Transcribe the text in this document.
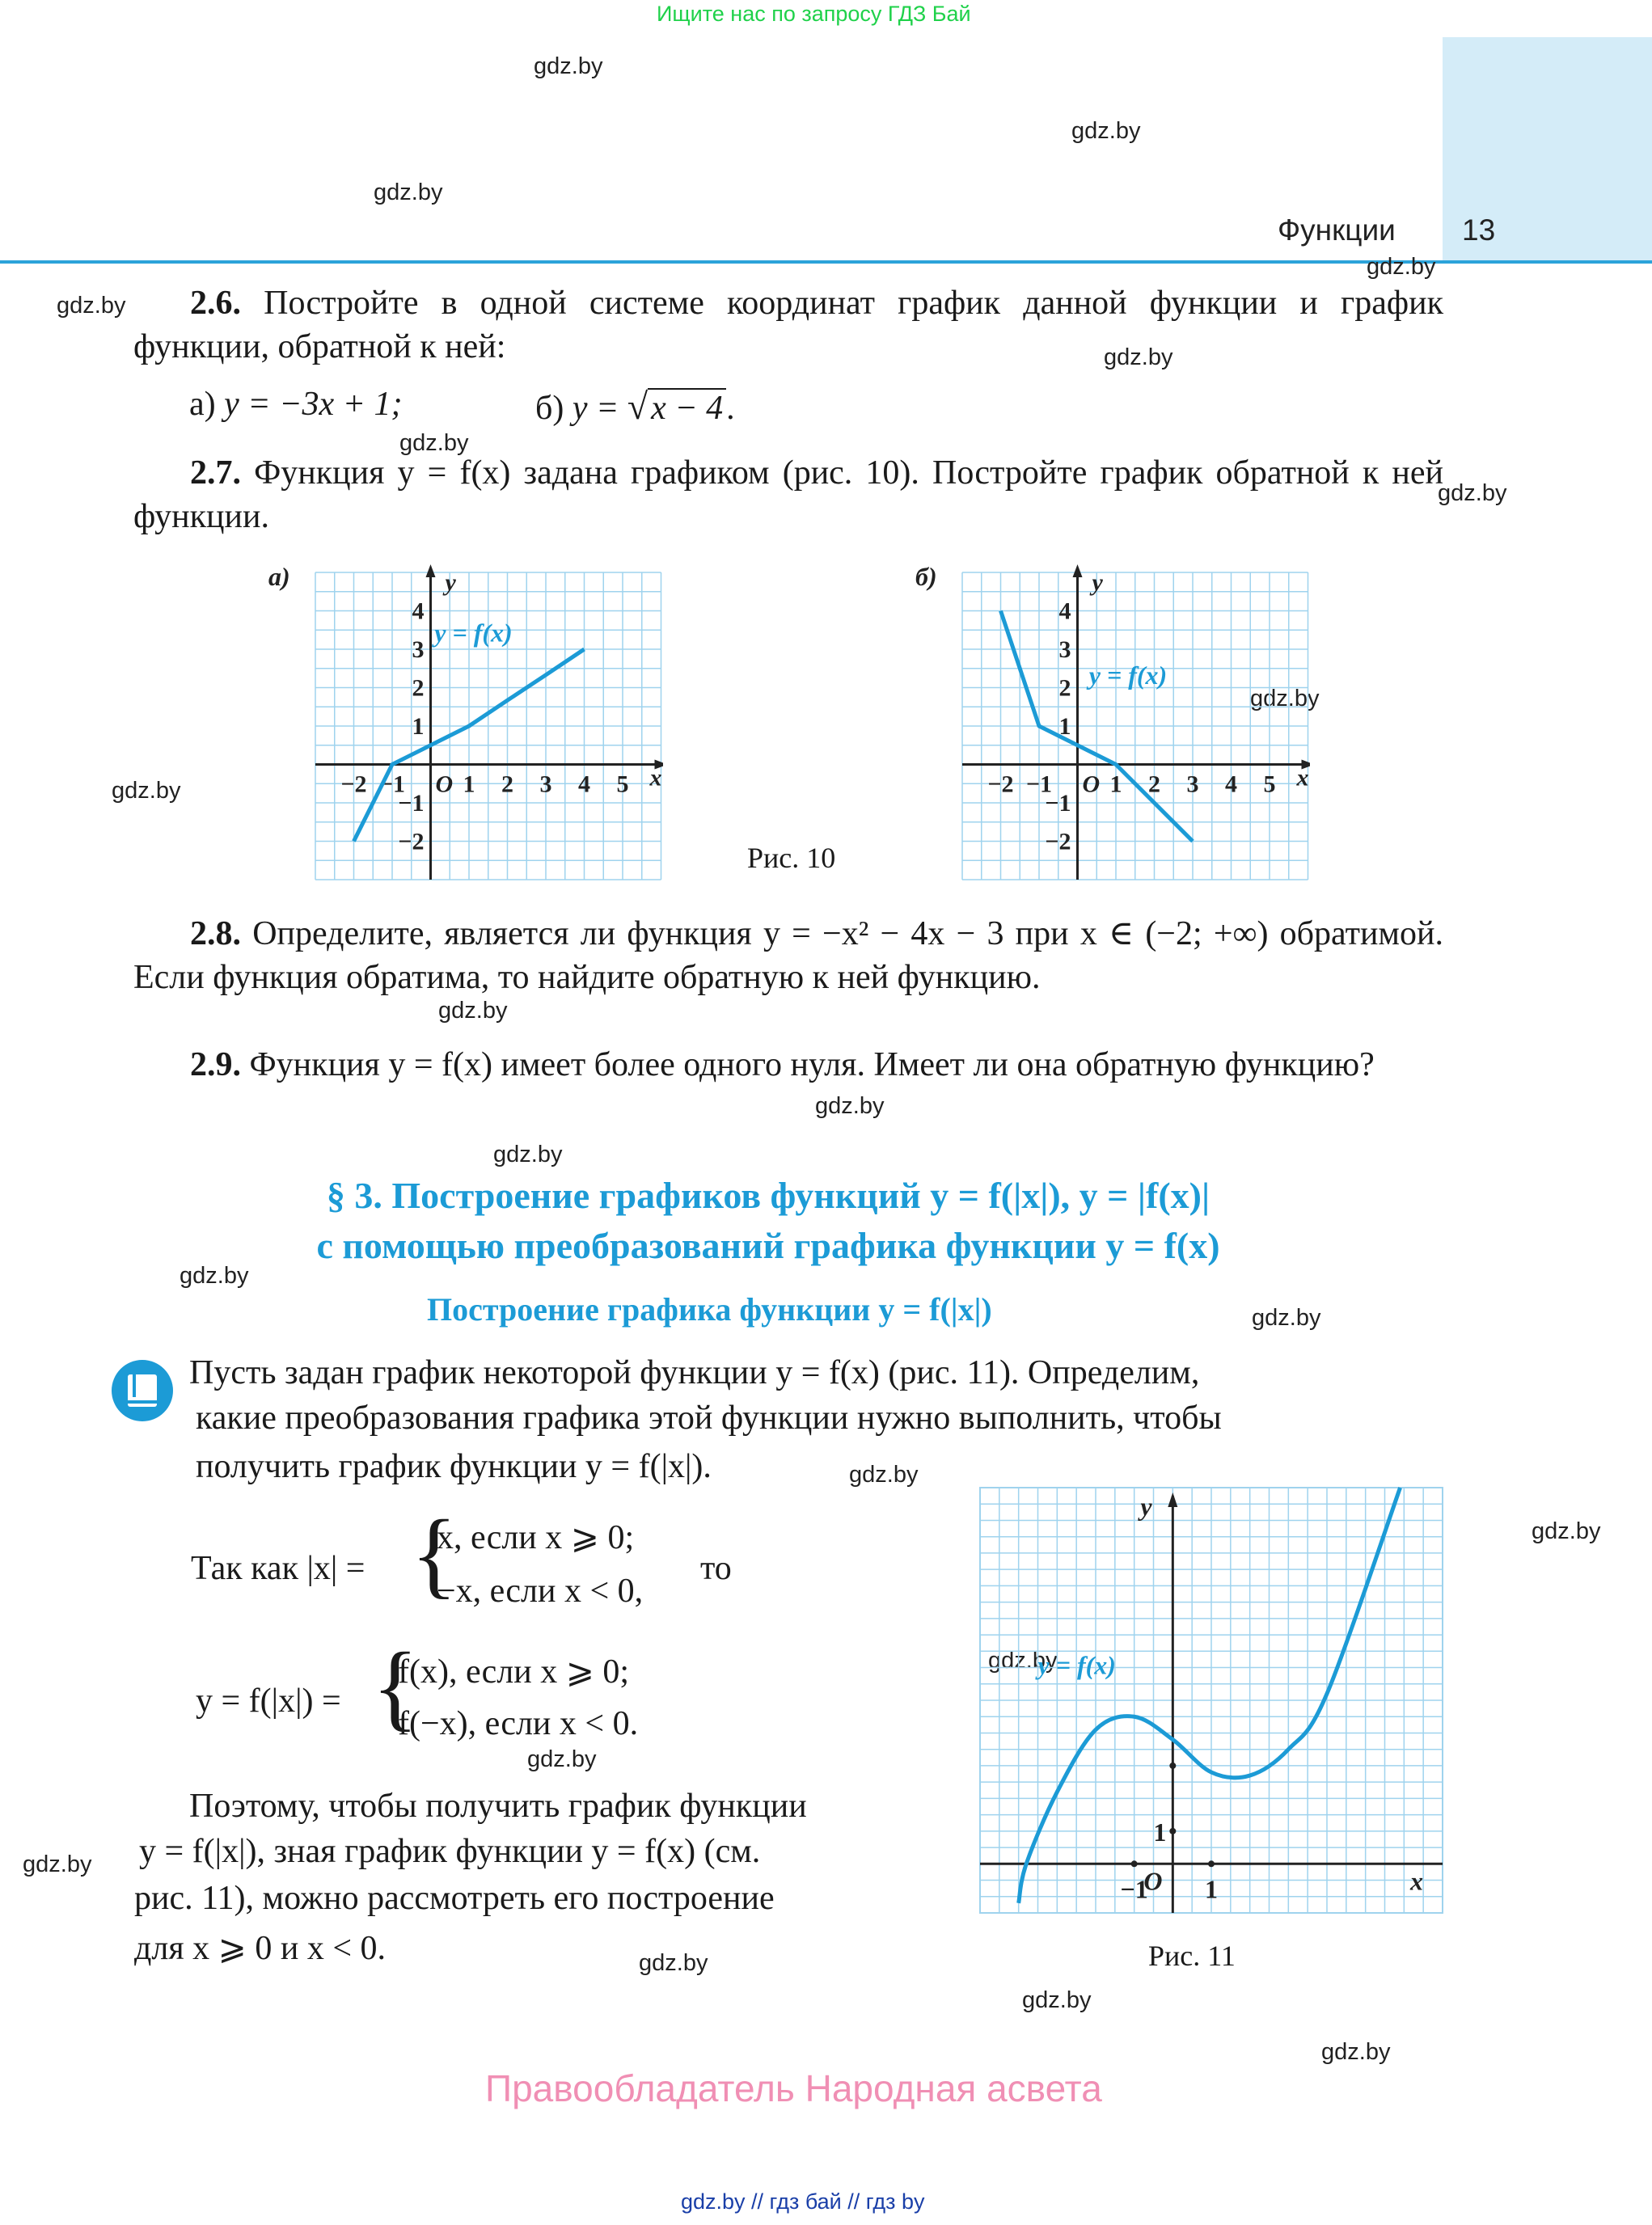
Ищите нас по запросу ГДЗ Бай
gdz.by
gdz.by
gdz.by
gdz.by
gdz.by
gdz.by
gdz.by
gdz.by
gdz.by
gdz.by
gdz.by
gdz.by
gdz.by
gdz.by
gdz.by
gdz.by
gdz.by
gdz.by
gdz.by
gdz.by
gdz.by
gdz.by
gdz.by
Функции 13
2.6. Постройте в одной системе координат график данной функции и график функции, обратной к ней:
а) y = −3x + 1;	б) y = √x − 4.
2.7. Функция y = f(x) задана графиком (рис. 10). Постройте график обратной к ней функции.
−2 −1 1 2 3 4 5
4
3
2
1
−1
−2
O	x
y
а)
y = f(x)
−2 −1 1 2 3 4 5
4
3
2
1
−1
−2
O	x
y
б)
y = f(x)
Рис. 10
2.8. Определите, является ли функция y = −x² − 4x − 3 при x ∈ (−2; +∞) обратимой. Если функция обратима, то найдите обратную к ней функцию.
2.9. Функция y = f(x) имеет более одного нуля. Имеет ли она обратную функцию?
§ 3. Построение графиков функций y = f(|x|), y = |f(x)|
с помощью преобразований графика функции y = f(x)
Построение графика функции y = f(|x|)
Пусть задан график некоторой функции y = f(x) (рис. 11). Определим,
какие преобразования графика этой функции нужно выполнить, чтобы
получить график функции y = f(|x|).
Так как |x| = {
x, если x ⩾ 0;
−x, если x < 0,
то
y = f(|x|) = {
f(x), если x ⩾ 0;
f(−x), если x < 0.
Поэтому, чтобы получить график функции
y = f(|x|), зная график функции y = f(x) (см.
рис. 11), можно рассмотреть его построение
для x ⩾ 0 и x < 0.
−1 1
1
O	x
y
y = f(x)
Рис. 11
Правообладатель Народная асвета
gdz.by // гдз бай // гдз by
